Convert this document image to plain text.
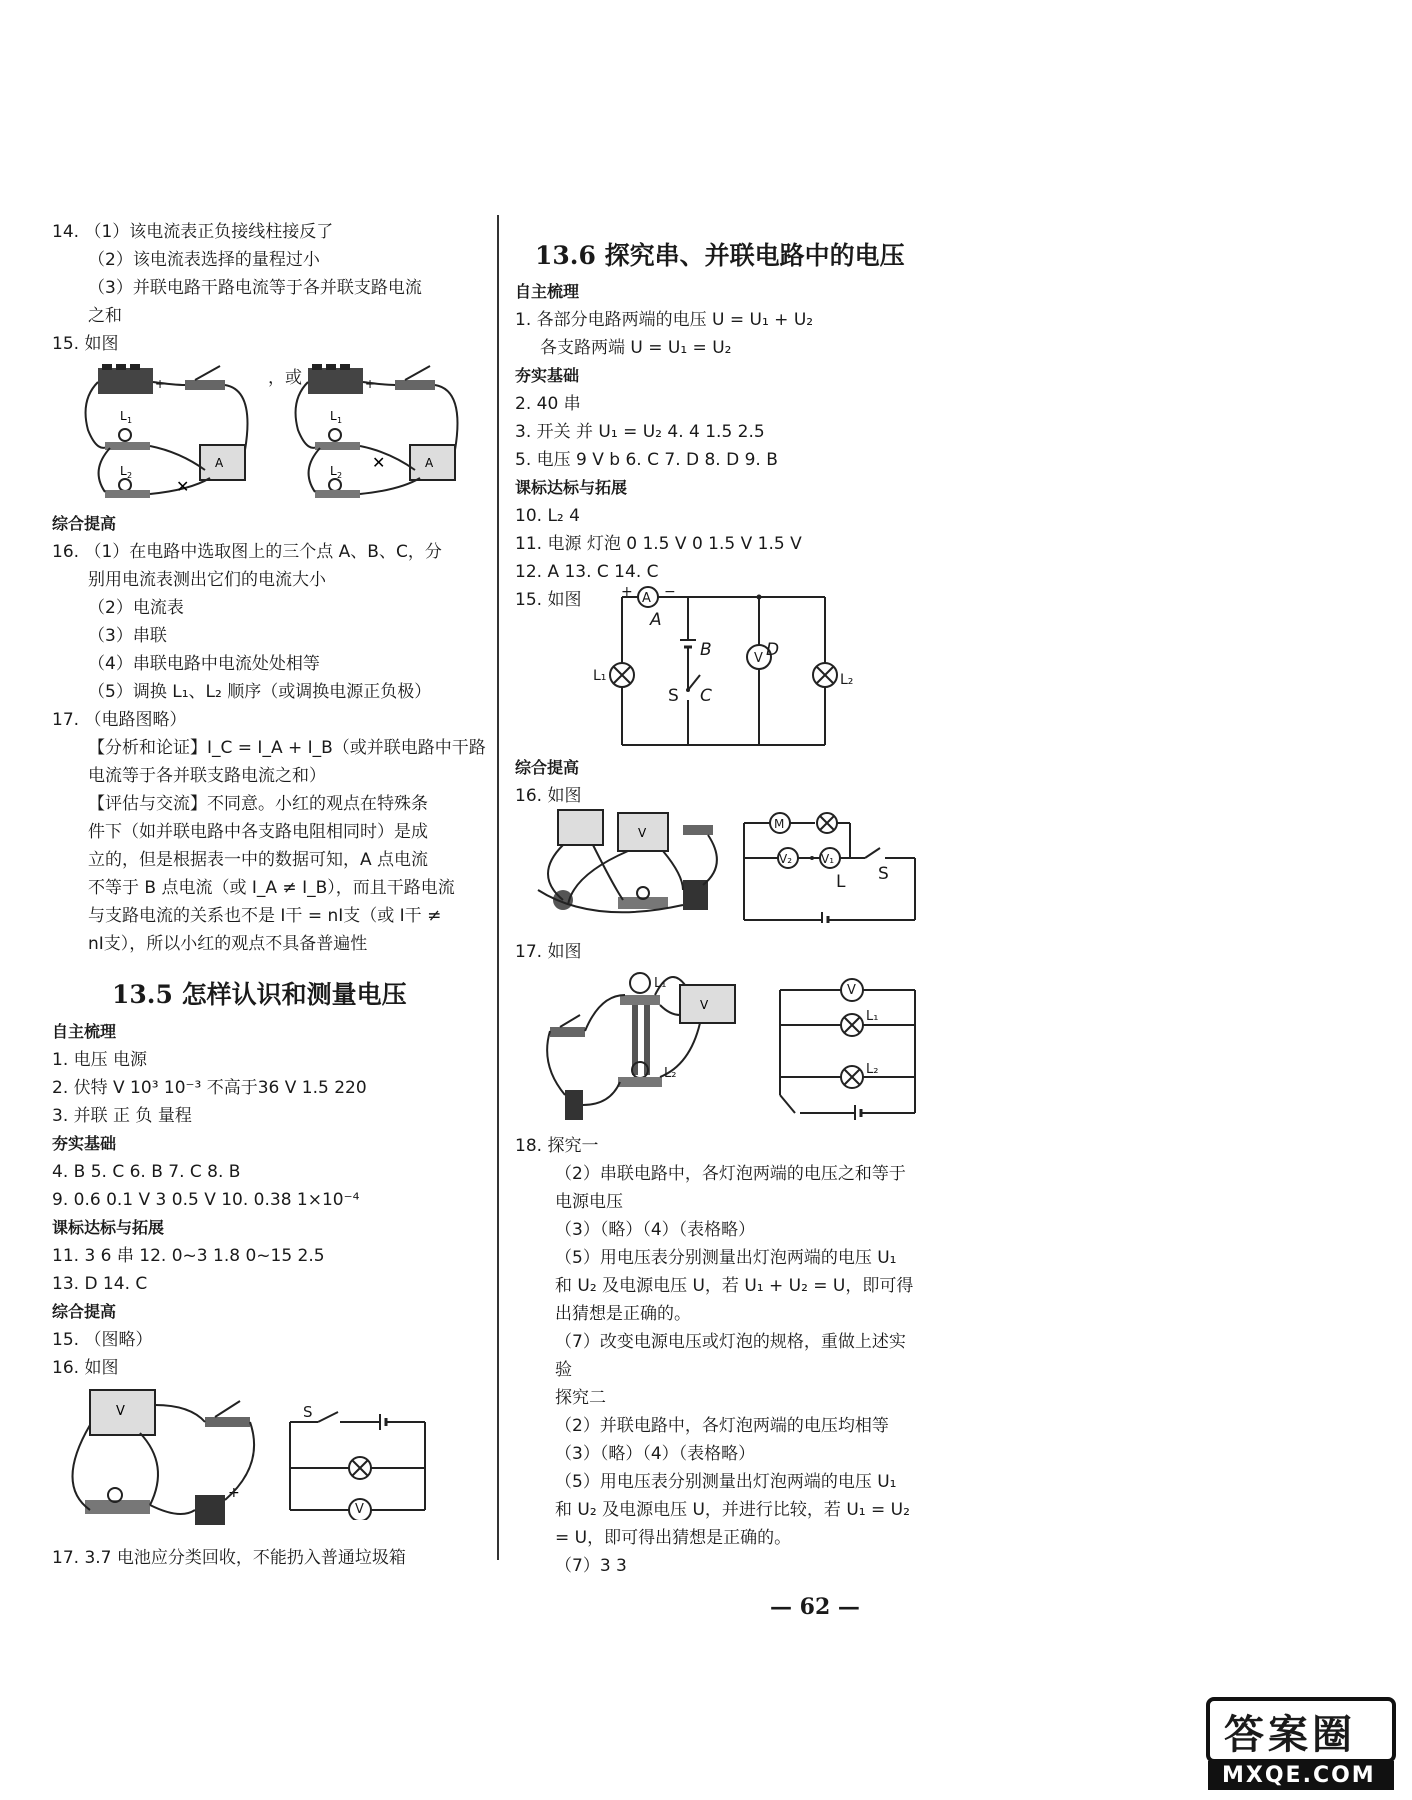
14. （1）该电流表正负接线柱接反了
（2）该电流表选择的量程过小
（3）并联电路干路电流等于各并联支路电流
之和
15. 如图
+
L 1
L 2
A
✕
，或	+
L 1
L 2
A
✕
综合提高
16. （1）在电路中选取图上的三个点 A、B、C，分
别用电流表测出它们的电流大小
（2）电流表
（3）串联
（4）串联电路中电流处处相等
（5）调换 L₁、L₂ 顺序（或调换电源正负极）
17. （电路图略）
【分析和论证】I_C = I_A + I_B（或并联电路中干路
电流等于各并联支路电流之和）
【评估与交流】不同意。小红的观点在特殊条
件下（如并联电路中各支路电阻相同时）是成
立的，但是根据表一中的数据可知，A 点电流
不等于 B 点电流（或 I_A ≠ I_B），而且干路电流
与支路电流的关系也不是 I干 = nI支（或 I干 ≠
nI支），所以小红的观点不具备普遍性
13.5 怎样认识和测量电压
自主梳理
1. 电压 电源
2. 伏特 V 10³ 10⁻³ 不高于36 V 1.5 220
3. 并联 正 负 量程
夯实基础
4. B 5. C 6. B 7. C 8. B
9. 0.6 0.1 V 3 0.5 V 10. 0.38 1×10⁻⁴
课标达标与拓展
11. 3 6 串 12. 0~3 1.8 0~15 2.5
13. D 14. C
综合提高
15. （图略）
16. 如图
V
+
S
V
17. 3.7 电池应分类回收，不能扔入普通垃圾箱
13.6 探究串、并联电路中的电压
自主梳理
1. 各部分电路两端的电压 U = U₁ + U₂
各支路两端 U = U₁ = U₂
夯实基础
2. 40 串
3. 开关 并 U₁ = U₂ 4. 4 1.5 2.5
5. 电压 9 V b 6. C 7. D 8. D 9. B
课标达标与拓展
10. L₂ 4
11. 电源 灯泡 0 1.5 V 0 1.5 V 1.5 V
12. A 13. C 14. C
15. 如图	A
A
B
C
D
V
S
L₁	L₂
+ −
综合提高
16. 如图
V
M
V₂ V₁
L S
17. 如图
V
L₁
L₂
V
L₁
L₂
18. 探究一
（2）串联电路中，各灯泡两端的电压之和等于
电源电压
（3）（略）（4）（表格略）
（5）用电压表分别测量出灯泡两端的电压 U₁
和 U₂ 及电源电压 U，若 U₁ + U₂ = U，即可得
出猜想是正确的。
（7）改变电源电压或灯泡的规格，重做上述实
验
探究二
（2）并联电路中，各灯泡两端的电压均相等
（3）（略）（4）（表格略）
（5）用电压表分别测量出灯泡两端的电压 U₁
和 U₂ 及电源电压 U，并进行比较，若 U₁ = U₂
= U，即可得出猜想是正确的。
（7）3 3
— 62 —
答案圈
MXQE.COM
